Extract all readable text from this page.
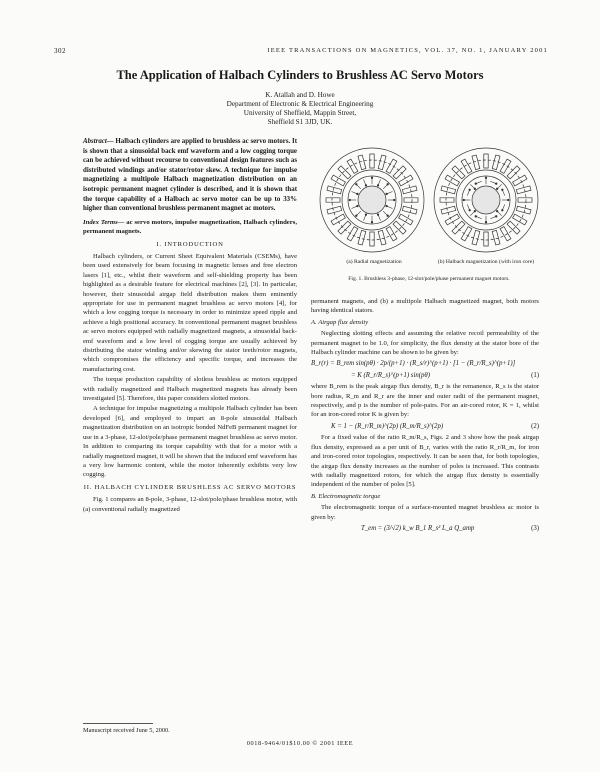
302	IEEE TRANSACTIONS ON MAGNETICS, VOL. 37, NO. 1, JANUARY 2001
The Application of Halbach Cylinders to Brushless AC Servo Motors
K. Atallah and D. Howe
Department of Electronic & Electrical Engineering
University of Sheffield, Mappin Street,
Sheffield S1 3JD, UK.

Abstract— Halbach cylinders are applied to brushless ac servo motors. It is shown that a sinusoidal back emf waveform and a low cogging torque can be achieved without recourse to conventional design features such as distributed windings and/or stator/rotor skew. A technique for impulse magnetizing a multipole Halbach magnetization distribution on an isotropic permanent magnet cylinder is described, and it is shown that the torque capability of a Halbach ac servo motor can be up to 33% higher than conventional brushless permanent magnet ac motors.

Index Terms— ac servo motors, impulse magnetization, Halbach cylinders, permanent magnets.

I. INTRODUCTION

Halbach cylinders, or Current Sheet Equivalent Materials (CSEMs), have been used extensively for beam focusing in magnetic lenses and free electron lasers [1], etc., whilst their waveform and self-shielding property has been highlighted as a desirable feature for electrical machines [2], [3]. In particular, however, their sinusoidal airgap field distribution makes them eminently appropriate for use in permanent magnet brushless ac servo motors [4], for which a low cogging torque is necessary in order to minimize speed ripple and achieve a high positional accuracy. In conventional permanent magnet brushless ac servo motors equipped with radially magnetized magnets, a sinusoidal back-emf waveform and a low level of cogging torque are usually achieved by distributing the stator winding and/or skewing the stator teeth/rotor magnets, which compromises the efficiency and specific torque, and increases the manufacturing cost.

The torque production capability of slotless brushless ac motors equipped with radially magnetized and Halbach magnetized magnets has already been investigated [5]. Therefore, this paper considers slotted motors.

A technique for impulse magnetizing a multipole Halbach cylinder has been developed [6], and employed to impart an 8-pole sinusoidal Halbach magnetization distribution on an isotropic bonded NdFeB permanent magnet for use in a 3-phase, 12-slot/pole/phase permanent magnet brushless ac servo motor. In addition to comparing its torque capability with that for a motor with a radially magnetized magnet, it will be shown that the induced emf waveform has a very low harmonic content, while the motor inherently exhibits very low cogging.

II. HALBACH CYLINDER BRUSHLESS AC SERVO MOTORS

Fig. 1 compares an 8-pole, 3-phase, 12-slot/pole/phase brushless motor, with (a) conventional radially magnetized

(a) Radial magnetization	(b) Halbach magnetization (with iron core)
Fig. 1. Brushless 3-phase, 12-slot/pole/phase permanent magnet motors.

permanent magnets, and (b) a multipole Halbach magnetized magnet, both motors having identical stators.

A. Airgap flux density

Neglecting slotting effects and assuming the relative recoil permeability of the permanent magnet to be 1.0, for simplicity, the flux density at the stator bore of the Halbach cylinder machine can be shown to be given by:

B_r(r) = B_rem sin(pθ) · 2p/(p+1) · (R_s/r)^(p+1) · [1 − (R_r/R_s)^(p+1)]

= K (R_r/R_s)^(p+1) sin(pθ)	(1)

where B_rem is the peak airgap flux density, B_r is the remanence, R_s is the stator bore radius, R_m and R_r are the inner and outer radii of the permanent magnet, respectively, and p is the number of pole-pairs. For an air-cored rotor, K = 1, whilst for an iron-cored rotor K is given by:

K = 1 − (R_r/R_m)^(2p) (R_m/R_s)^(2p)	(2)

For a fixed value of the ratio R_m/R_s, Figs. 2 and 3 show how the peak airgap flux density, expressed as a per unit of B_r, varies with the ratio R_r/R_m, for iron and iron-cored rotor topologies, respectively. It can be seen that, for both topologies, the airgap flux density increases as the number of poles is increased. This contrasts with radially magnetized rotors, for which the airgap flux density is essentially independent of the number of poles [5].

B. Electromagnetic torque

The electromagnetic torque of a surface-mounted magnet brushless ac motor is given by:

T_em = (3/√2) k_w B_1 R_s² L_a Q_amp	(3)

Manuscript received June 5, 2000.
0018-9464/01$10.00 © 2001 IEEE
